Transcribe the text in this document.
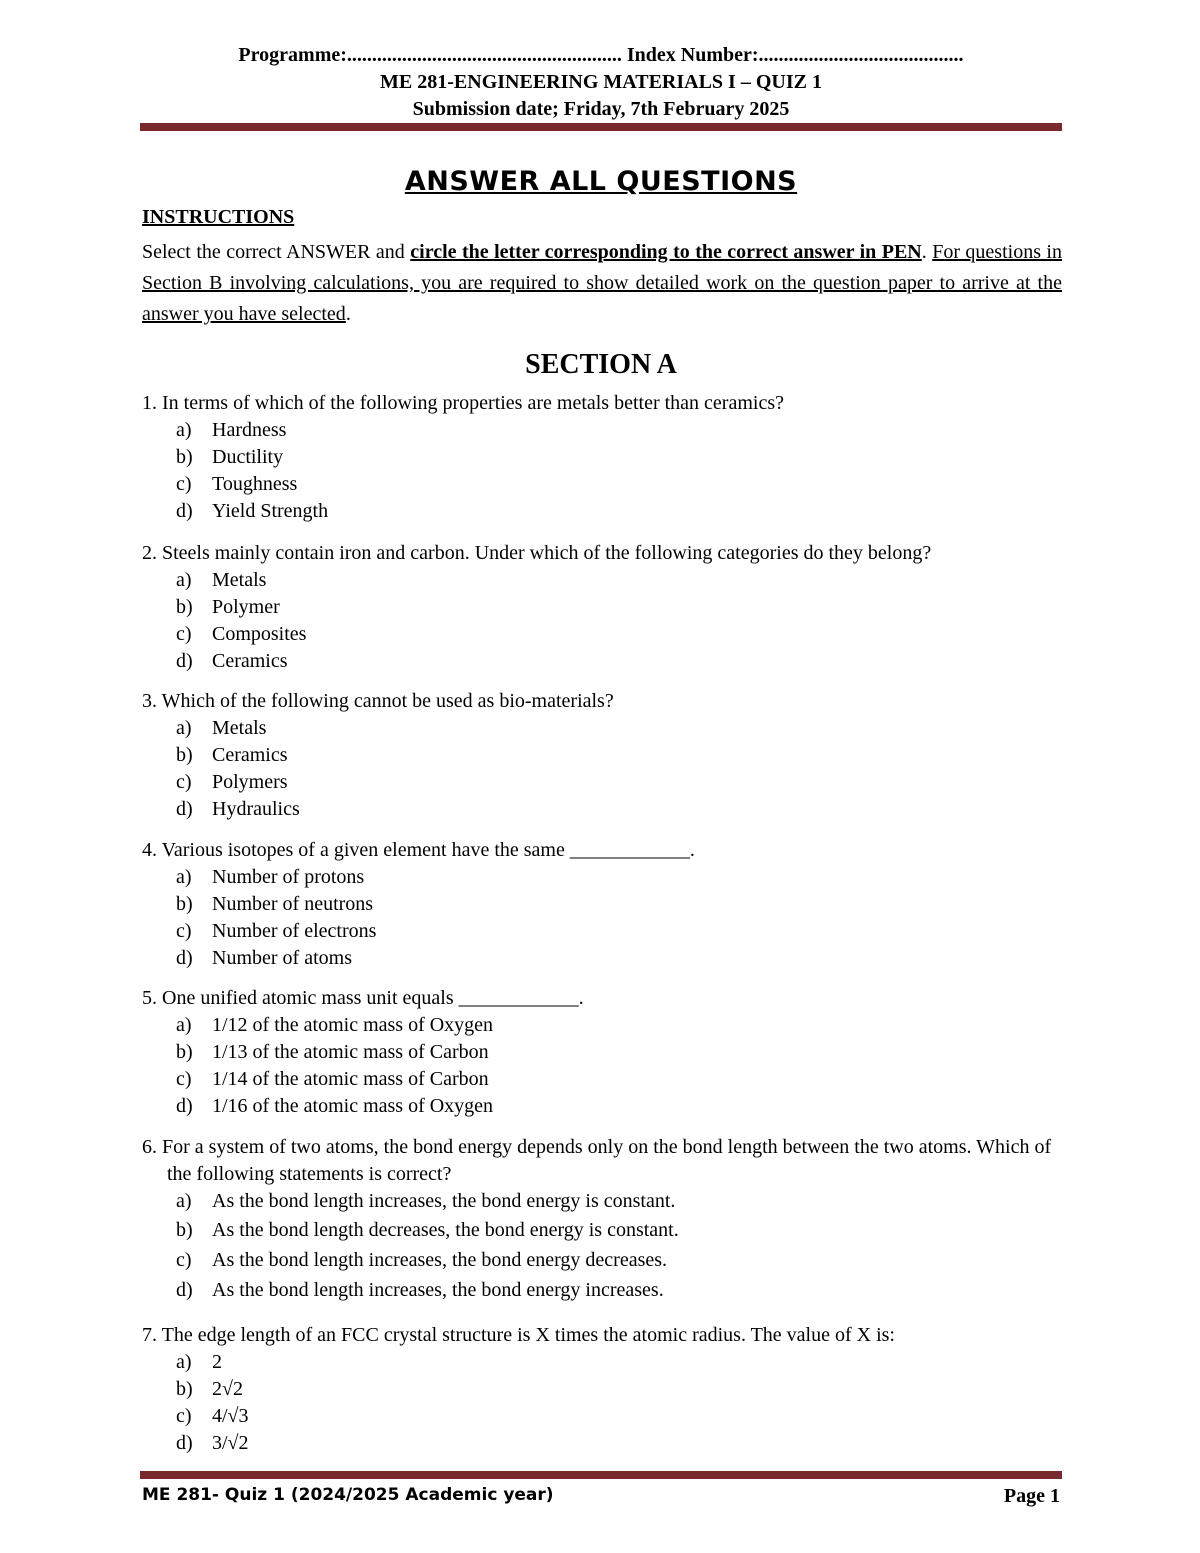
Programme:....................................................... Index Number:.........................................
ME 281-ENGINEERING MATERIALS I – QUIZ 1
Submission date; Friday, 7th February 2025
ANSWER ALL QUESTIONS
INSTRUCTIONS
Select the correct ANSWER and circle the letter corresponding to the correct answer in PEN. For questions in Section B involving calculations, you are required to show detailed work on the question paper to arrive at the answer you have selected.
SECTION A
1. In terms of which of the following properties are metals better than ceramics?
a) Hardness
b) Ductility
c) Toughness
d) Yield Strength
2. Steels mainly contain iron and carbon. Under which of the following categories do they belong?
a) Metals
b) Polymer
c) Composites
d) Ceramics
3. Which of the following cannot be used as bio-materials?
a) Metals
b) Ceramics
c) Polymers
d) Hydraulics
4. Various isotopes of a given element have the same ____________.
a) Number of protons
b) Number of neutrons
c) Number of electrons
d) Number of atoms
5. One unified atomic mass unit equals ____________.
a) 1/12 of the atomic mass of Oxygen
b) 1/13 of the atomic mass of Carbon
c) 1/14 of the atomic mass of Carbon
d) 1/16 of the atomic mass of Oxygen
6. For a system of two atoms, the bond energy depends only on the bond length between the two atoms. Which of the following statements is correct?
a) As the bond length increases, the bond energy is constant.
b) As the bond length decreases, the bond energy is constant.
c) As the bond length increases, the bond energy decreases.
d) As the bond length increases, the bond energy increases.
7. The edge length of an FCC crystal structure is X times the atomic radius. The value of X is:
a) 2
b) 2√2
c) 4/√3
d) 3/√2
ME 281- Quiz 1 (2024/2025 Academic year)	Page 1
